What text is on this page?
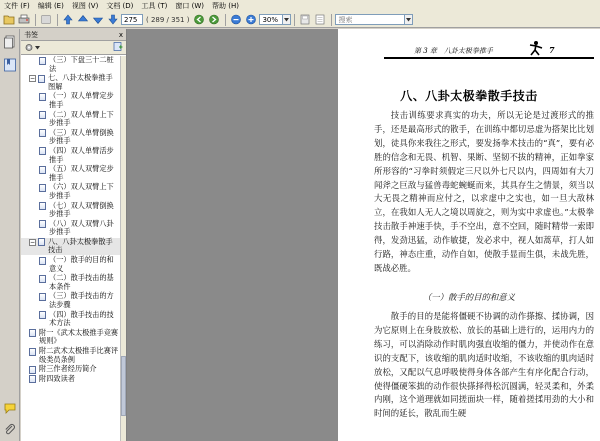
文件 (F)	编辑 (E)	视图 (V)	文档 (D)	工具 (T)	窗口 (W)	帮助 (H)
275
( 289 / 351 )
30%
搜索
书签	x
（三）下盘三十二桩法
− 七、八卦太极拳推手图解
（一）双人单臂定步推手
（二）双人单臂上下步推手
（三）双人单臂倒换步推手
（四）双人单臂活步推手
（五）双人双臂定步推手
（六）双人双臂上下步推手
（七）双人双臂倒换步推手
（八）双人双臂八卦步推手
− 八、八卦太极拳散手技击
（一）散手的目的和意义
（二）散手技击的基本条件
（三）散手技击的方法步骤
（四）散手技击的技术方法
附一《武术太极推手竞赛规则》
附二武术太极推手比赛评级类员条例
附三作者经历简介
附四致读者
第 3 章　八卦太极拳推手	7
八、八卦太极拳散手技击
技击训练要求真实的功夫，所以无论是过渡形式的推手，还是最高形式的散手，在训练中都切忌虚为搭架比比划划，徒具你来我往之形式，要发扬拳术技击的“真”，要有必胜的信念和无畏、机智、果断、坚韧不拔的精神，正如拳家所形容的“习拳时须假定三尺以外七尺以内，四周如有大刀闻斧之巨敌与猛兽毒蛇蜿蜒而来，其具存生之情景，须当以大无畏之精神而应付之，以求虚中之实也，如一旦大敌林立，在我如人无人之境以周旋之，则为实中求虚也。”太极拳技击散手神速手快，手不空出，意不空回，随时精带一索即得，发劲迅猛，动作敏捷，发必求中，视人如蒿草，打人如行路，神态庄重，动作自如，使散手显而生俱，未战先胜，既战必胜。
（一）散手的目的和意义
散手的目的是能将僵硬不协调的动作搽擦、揉协调，因为它原则上在身肢放松、放长的基础上进行的，运用内力的练习，可以消除动作时肌肉强直收缩的僵力，并使动作在意识的支配下，该收缩的肌肉适时收缩，不该收缩的肌肉适时放松，又配以气息呼吸使得身体各部产生有序化配合行动，使得僵硬笨拙的动作很快搽择得松沉圆满，轻灵柔和，外柔内刚，这个道理就如同搓面块一样，随着搓揉用劲的大小和时间的延长，散乱而生硬
